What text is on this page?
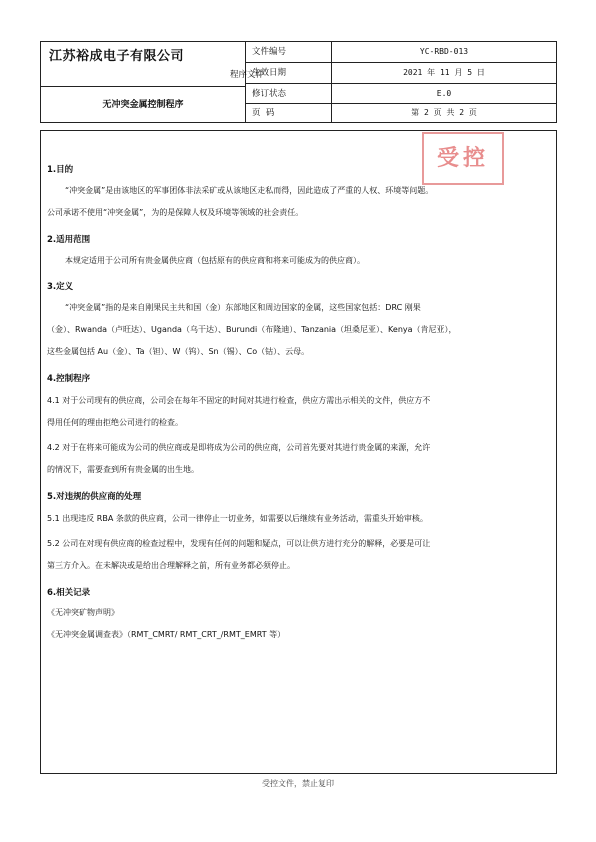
江苏裕成电子有限公司
程序文件
无冲突金属控制程序
文件编号	YC-RBD-013
生效日期	2021 年 11 月 5 日
修订状态	E.0
页  码	第 2 页 共 2 页
受控
1.目的

“冲突金属”是由该地区的军事团体非法采矿或从该地区走私而得，因此造成了严重的人权、环境等问题。

公司承诺不使用“冲突金属”，为的是保障人权及环境等领域的社会责任。

2.适用范围

本规定适用于公司所有贵金属供应商（包括原有的供应商和将来可能成为的供应商）。

3.定义

“冲突金属”指的是来自刚果民主共和国（金）东部地区和周边国家的金属，这些国家包括：DRC 刚果

（金）、Rwanda（卢旺达）、Uganda（乌干达）、Burundi（布隆迪）、Tanzania（坦桑尼亚）、Kenya（肯尼亚），

这些金属包括 Au（金）、Ta（钽）、W（钨）、Sn（锡）、Co（钴）、云母。

4.控制程序

4.1 对于公司现有的供应商，公司会在每年不固定的时间对其进行检查，供应方需出示相关的文件，供应方不

得用任何的理由拒绝公司进行的检查。

4.2 对于在将来可能成为公司的供应商或是即将成为公司的供应商，公司首先要对其进行贵金属的来源，允许

的情况下，需要查到所有贵金属的出生地。

5.对违规的供应商的处理

5.1 出现违反 RBA 条款的供应商，公司一律停止一切业务，如需要以后继续有业务活动，需重头开始审核。

5.2 公司在对现有供应商的检查过程中，发现有任何的问题和疑点，可以让供方进行充分的解释，必要是可让

第三方介入。在未解决或是给出合理解释之前，所有业务都必须停止。

6.相关记录

《无冲突矿物声明》

《无冲突金属调查表》（RMT_CMRT/ RMT_CRT_/RMT_EMRT 等）

受控文件，禁止复印
